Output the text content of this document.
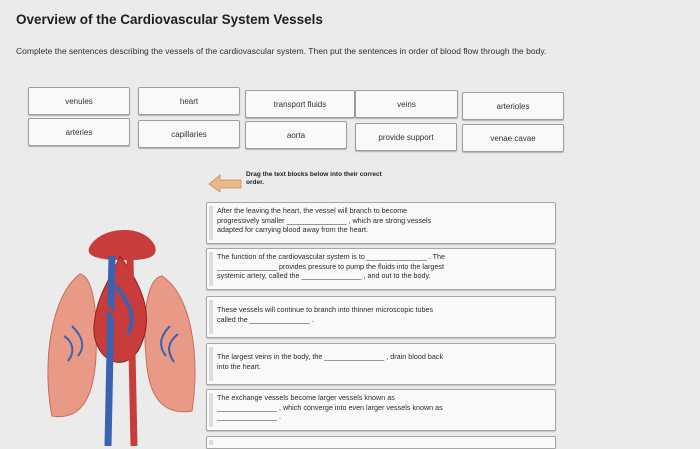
Overview of the Cardiovascular System Vessels
Complete the sentences describing the vessels of the cardiovascular system. Then put the sentences in order of blood flow through the body.
venules	heart	transport fluids	veins	arterioles
arteries	capillaries	aorta	provide support	venae cavae
Drag the text blocks below into their correct order.
After the leaving the heart, the vessel will branch to become
progressively smaller _______________ , which are strong vessels
adapted for carrying blood away from the heart.
The function of the cardiovascular system is to _______________ . The
_______________ provides pressure to pump the fluids into the largest
systemic artery, called the _______________ , and out to the body.
These vessels will continue to branch into thinner microscopic tubes
called the _______________ .
The largest veins in the body, the _______________ , drain blood back
into the heart.
The exchange vessels become larger vessels known as
_______________ , which converge into even larger vessels known as
_______________ .
